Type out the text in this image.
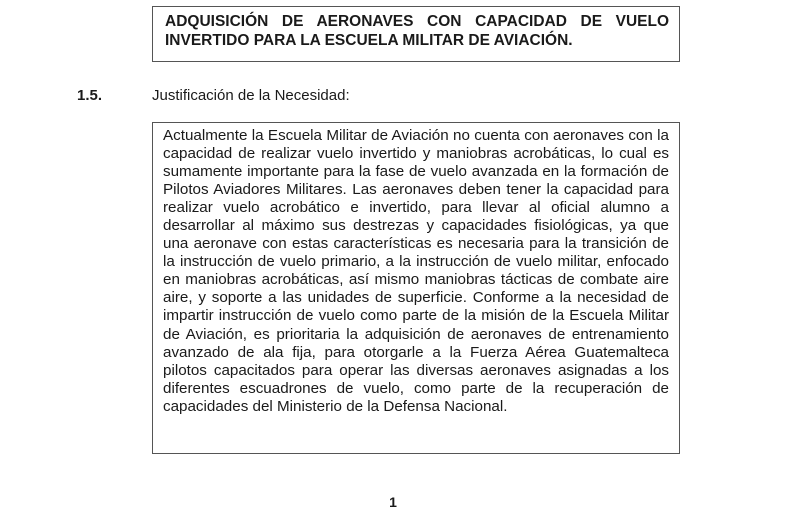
ADQUISICIÓN DE AERONAVES CON CAPACIDAD DE VUELO
INVERTIDO PARA LA ESCUELA MILITAR DE AVIACIÓN.
1.5.	Justificación de la Necesidad:
Actualmente la Escuela Militar de Aviación no cuenta con aeronaves con la capacidad de realizar vuelo invertido y maniobras acrobáticas, lo cual es sumamente importante para la fase de vuelo avanzada en la formación de Pilotos Aviadores Militares. Las aeronaves deben tener la capacidad para realizar vuelo acrobático e invertido, para llevar al oficial alumno a desarrollar al máximo sus destrezas y capacidades fisiológicas, ya que una aeronave con estas características es necesaria para la transición de la instrucción de vuelo primario, a la instrucción de vuelo militar, enfocado en maniobras acrobáticas, así mismo maniobras tácticas de combate aire aire, y soporte a las unidades de superficie. Conforme a la necesidad de impartir instrucción de vuelo como parte de la misión de la Escuela Militar de Aviación, es prioritaria la adquisición de aeronaves de entrenamiento avanzado de ala fija, para otorgarle a la Fuerza Aérea Guatemalteca pilotos capacitados para operar las diversas aeronaves asignadas a los diferentes escuadrones de vuelo, como parte de la recuperación de capacidades del Ministerio de la Defensa Nacional.
1
